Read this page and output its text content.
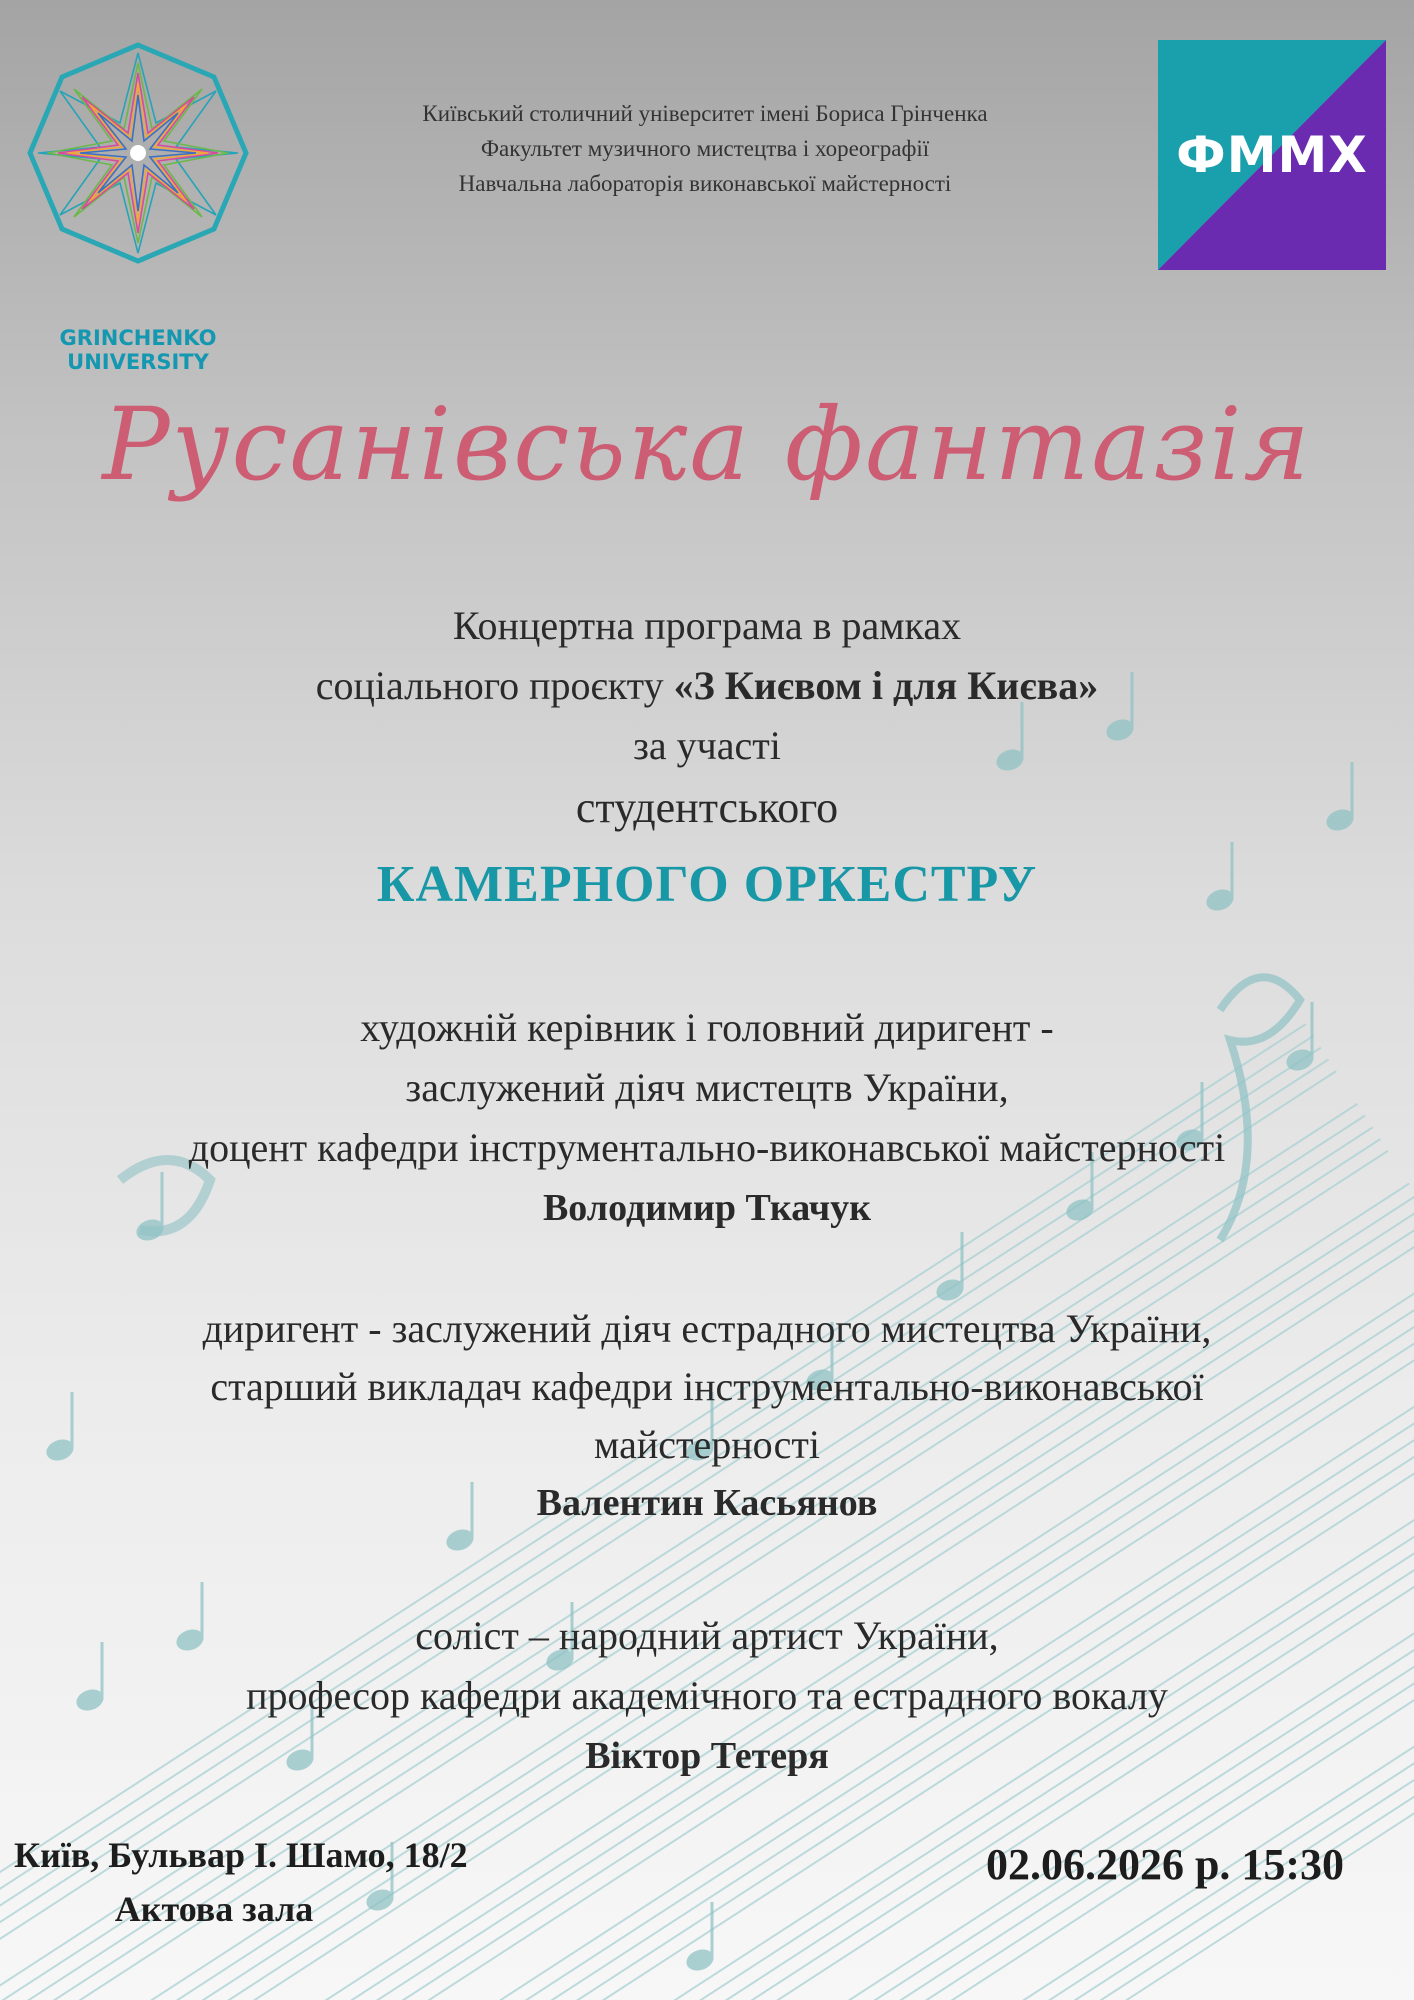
GRINCHENKO
UNIVERSITY
Київський столичний університет імені Бориса Грінченка
Факультет музичного мистецтва і хореографії
Навчальна лабораторія виконавської майстерності	ФММХ
Русанівська фантазія
Концертна програма в рамках
соціального проєкту «З Києвом і для Києва»
за участі
студентського
КАМЕРНОГО ОРКЕСТРУ
художній керівник і головний диригент -
заслужений діяч мистецтв України,
доцент кафедри інструментально-виконавської майстерності
Володимир Ткачук
диригент - заслужений діяч естрадного мистецтва України,
старший викладач кафедри інструментально-виконавської
майстерності
Валентин Касьянов
соліст – народний артист України,
професор кафедри академічного та естрадного вокалу
Віктор Тетеря
Київ, Бульвар І. Шамо, 18/2
Актова зала
02.06.2026 р. 15:30
